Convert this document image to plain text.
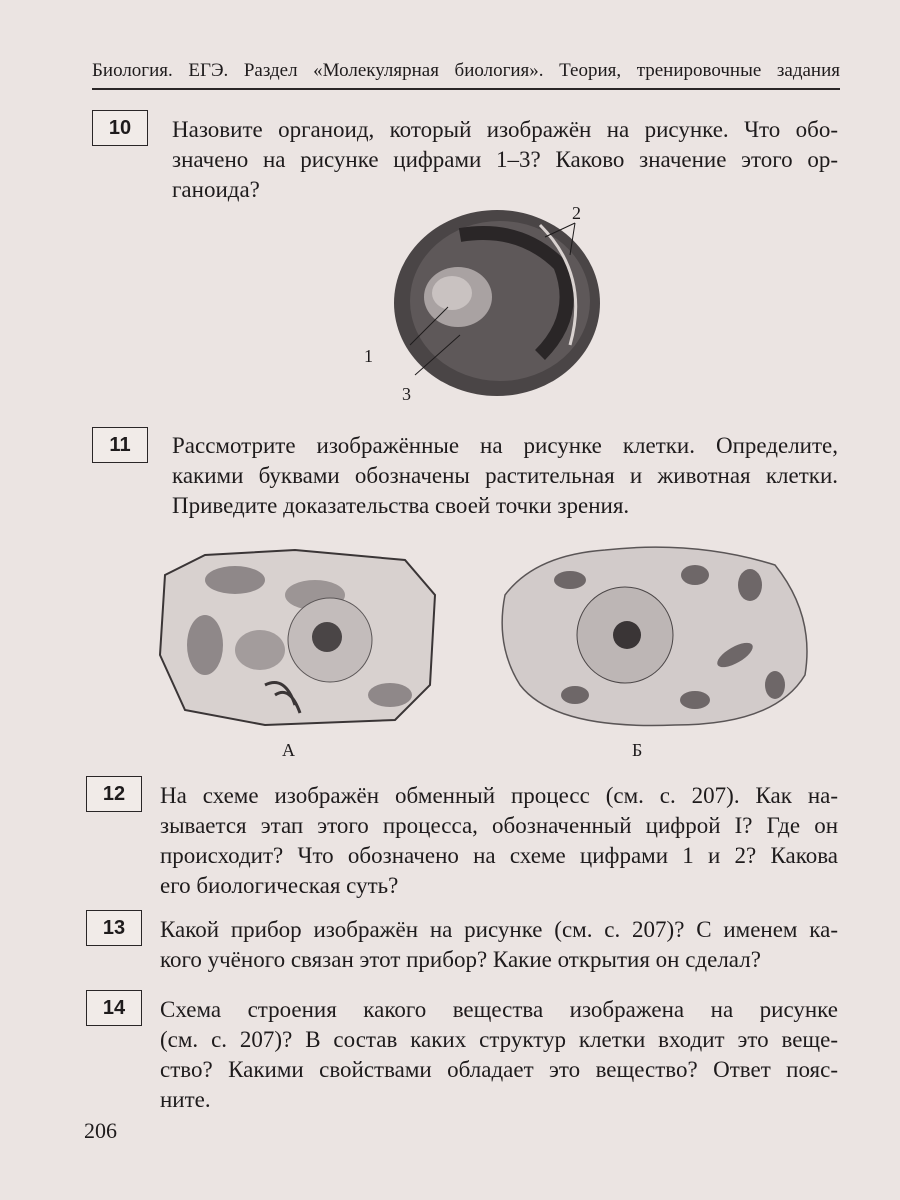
Биология. ЕГЭ. Раздел «Молекулярная биология». Теория, тренировочные задания
10	Назовите органоид, который изображён на рисунке. Что обо-
значено на рисунке цифрами 1–3? Каково значение этого ор-
ганоида?
1
2
3
11	Рассмотрите изображённые на рисунке клетки. Определите,
какими буквами обозначены растительная и животная клетки.
Приведите доказательства своей точки зрения.
А	Б
12	На схеме изображён обменный процесс (см. с. 207). Как на-
зывается этап этого процесса, обозначенный цифрой I? Где он
происходит? Что обозначено на схеме цифрами 1 и 2? Какова
его биологическая суть?
13	Какой прибор изображён на рисунке (см. с. 207)? С именем ка-
кого учёного связан этот прибор? Какие открытия он сделал?
14	Схема строения какого вещества изображена на рисунке
(см. с. 207)? В состав каких структур клетки входит это веще-
ство? Какими свойствами обладает это вещество? Ответ пояс-
ните.
206
